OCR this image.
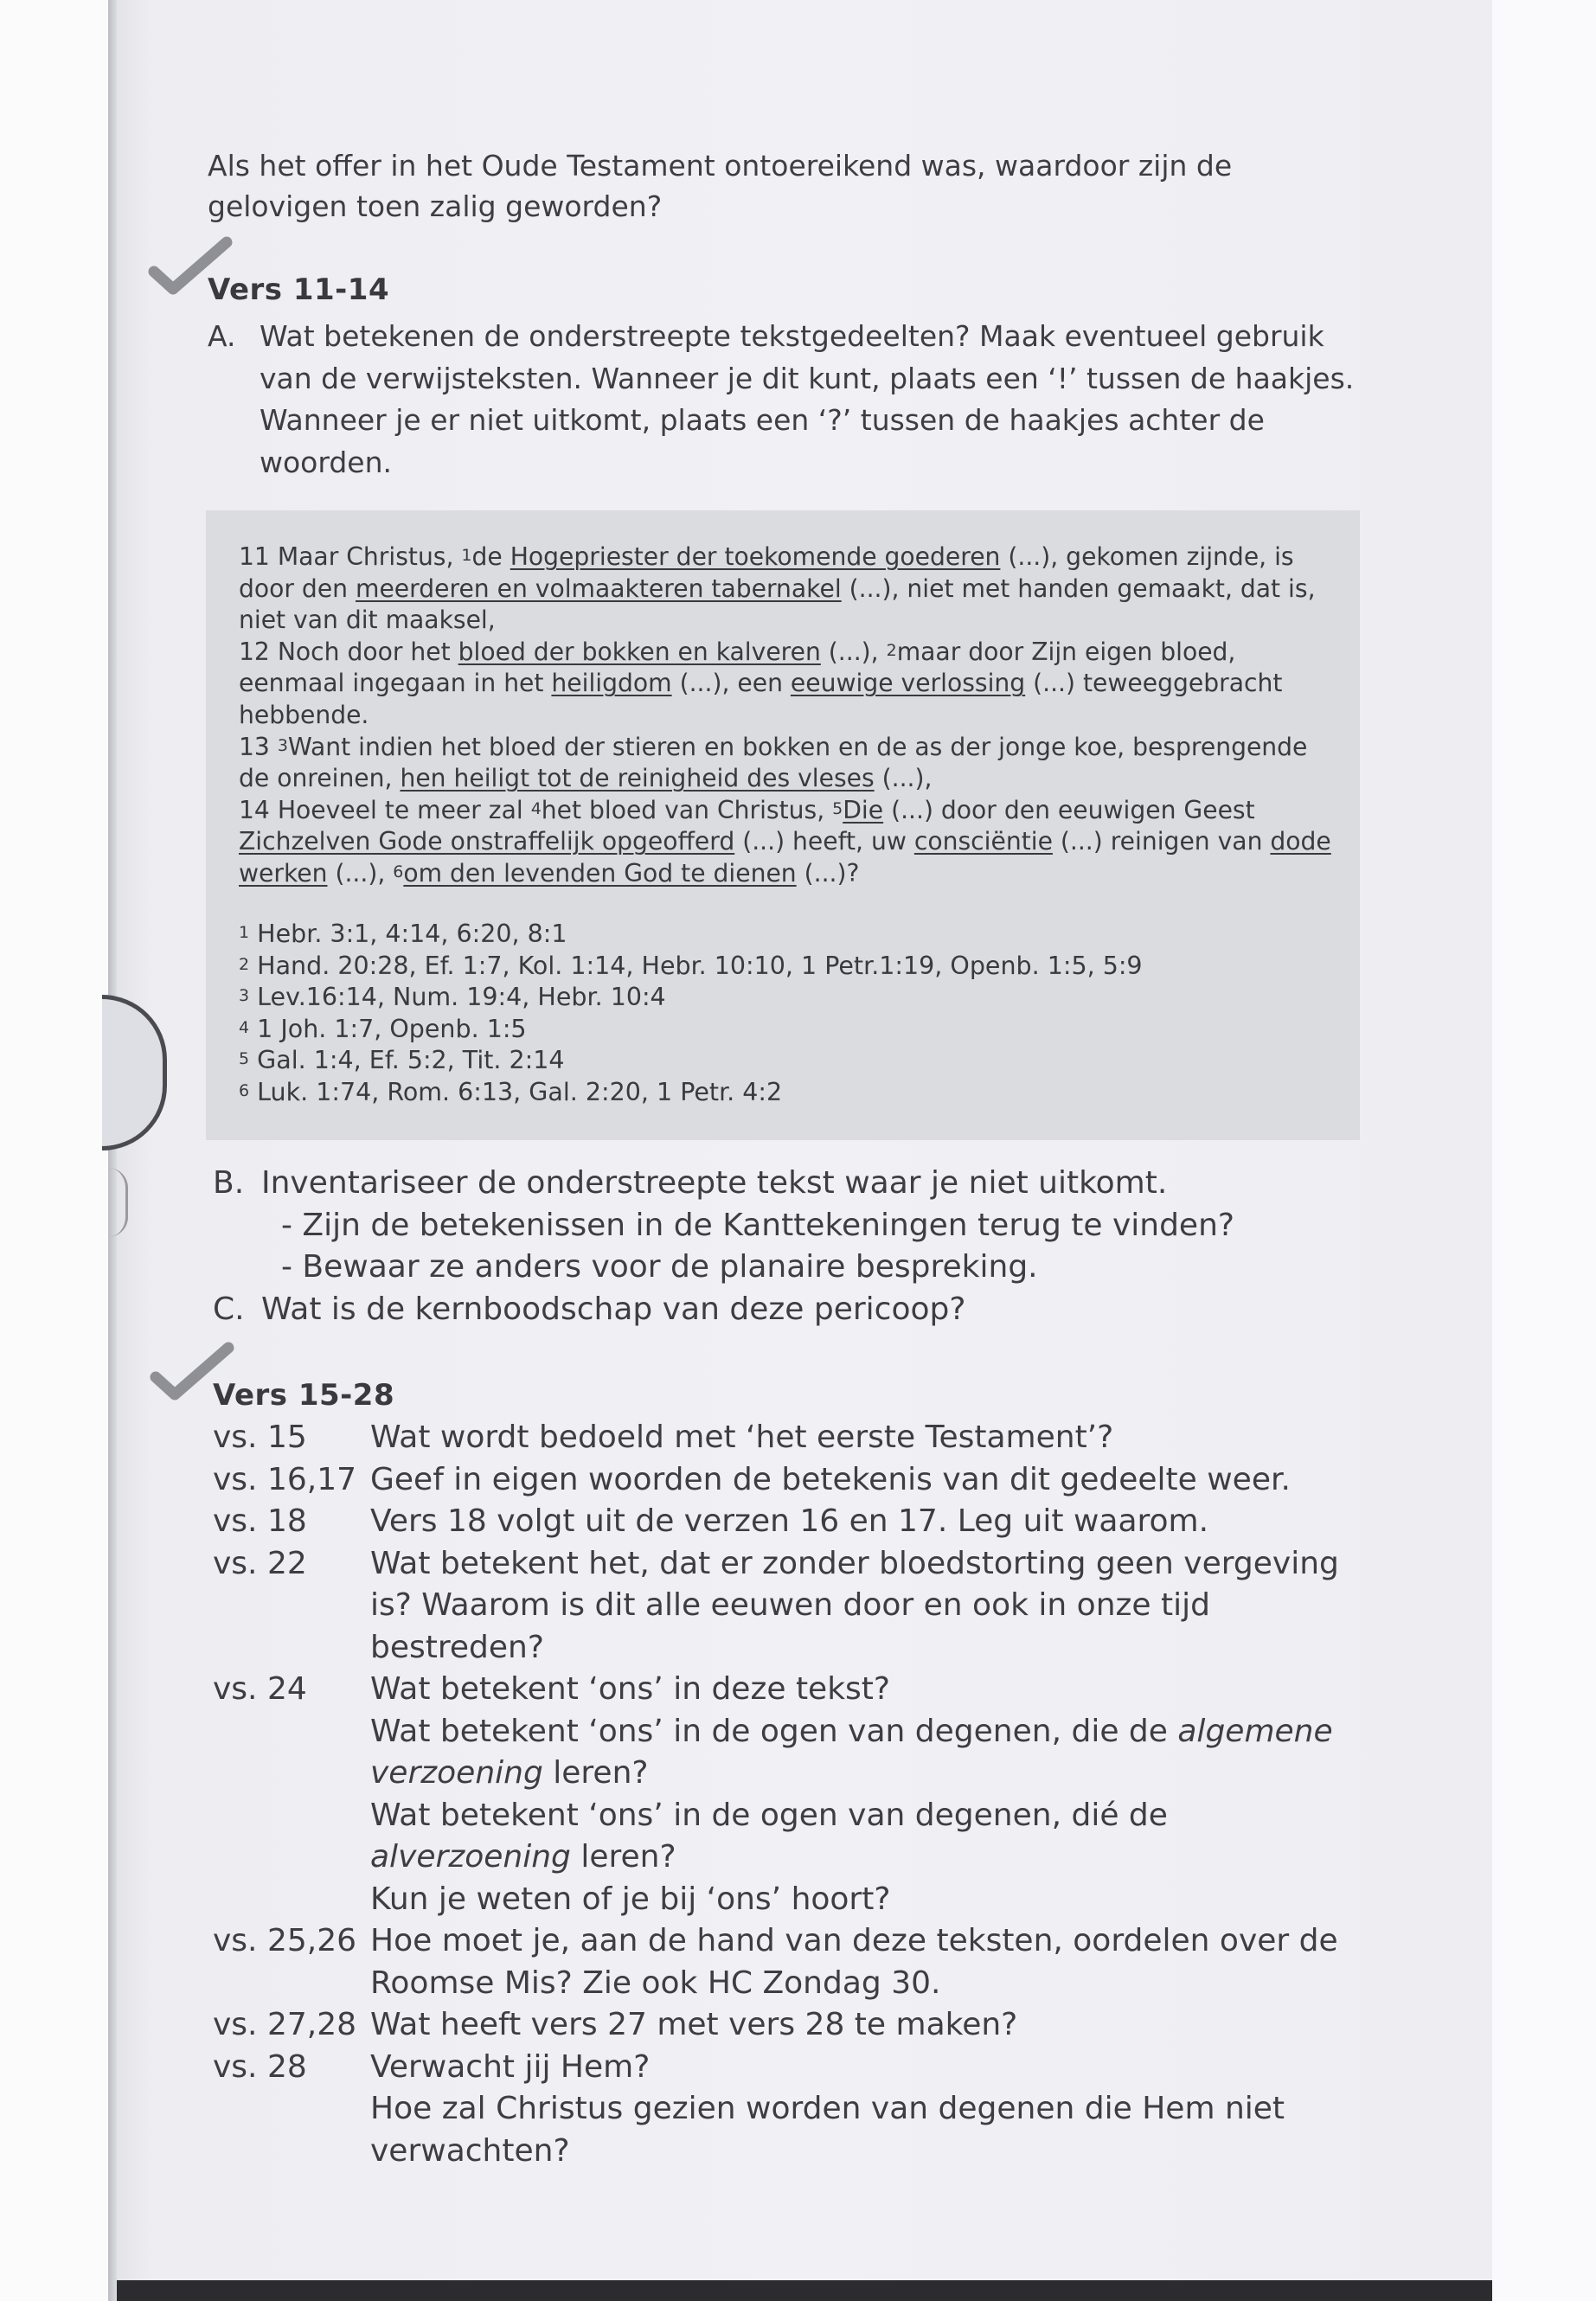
Als het offer in het Oude Testament ontoereikend was, waardoor zijn de gelovigen toen zalig geworden?

Vers 11-14
A. Wat betekenen de onderstreepte tekstgedeelten? Maak eventueel gebruik van de verwijsteksten. Wanneer je dit kunt, plaats een ‘!’ tussen de haakjes. Wanneer je er niet uitkomt, plaats een ‘?’ tussen de haakjes achter de woorden.

11 Maar Christus, $^1$de Hogepriester der toekomende goederen (...), gekomen zijnde, is door den meerderen en volmaakteren tabernakel (...), niet met handen gemaakt, dat is, niet van dit maaksel,
12 Noch door het bloed der bokken en kalveren (...), $^2$maar door Zijn eigen bloed, eenmaal ingegaan in het heiligdom (...), een eeuwige verlossing (...) teweeggebracht hebbende.
13 $^3$Want indien het bloed der stieren en bokken en de as der jonge koe, besprengende de onreinen, hen heiligt tot de reinigheid des vleses (...),
14 Hoeveel te meer zal $^4$het bloed van Christus, $^5$Die (...) door den eeuwigen Geest Zichzelven Gode onstraffelijk opgeofferd (...) heeft, uw consciëntie (...) reinigen van dode werken (...), $^6$om den levenden God te dienen (...)?

$^1$ Hebr. 3:1, 4:14, 6:20, 8:1
$^2$ Hand. 20:28, Ef. 1:7, Kol. 1:14, Hebr. 10:10, 1 Petr.1:19, Openb. 1:5, 5:9
$^3$ Lev.16:14, Num. 19:4, Hebr. 10:4
$^4$ 1 Joh. 1:7, Openb. 1:5
$^5$ Gal. 1:4, Ef. 5:2, Tit. 2:14
$^6$ Luk. 1:74, Rom. 6:13, Gal. 2:20, 1 Petr. 4:2
B. Inventariseer de onderstreepte tekst waar je niet uitkomt.
- Zijn de betekenissen in de Kanttekeningen terug te vinden?
- Bewaar ze anders voor de planaire bespreking.
C. Wat is de kernboodschap van deze pericoop?
Vers 15-28
vs. 15 Wat wordt bedoeld met ‘het eerste Testament’?
vs. 16,17 Geef in eigen woorden de betekenis van dit gedeelte weer.
vs. 18 Vers 18 volgt uit de verzen 16 en 17. Leg uit waarom.
vs. 22 Wat betekent het, dat er zonder bloedstorting geen vergeving is? Waarom is dit alle eeuwen door en ook in onze tijd bestreden?
vs. 24 Wat betekent ‘ons’ in deze tekst?
Wat betekent ‘ons’ in de ogen van degenen, die de algemene verzoening leren?
Wat betekent ‘ons’ in de ogen van degenen, dié de alverzoening leren?
Kun je weten of je bij ‘ons’ hoort?
vs. 25,26 Hoe moet je, aan de hand van deze teksten, oordelen over de Roomse Mis? Zie ook HC Zondag 30.
vs. 27,28 Wat heeft vers 27 met vers 28 te maken?
vs. 28 Verwacht jij Hem?
Hoe zal Christus gezien worden van degenen die Hem niet verwachten?
